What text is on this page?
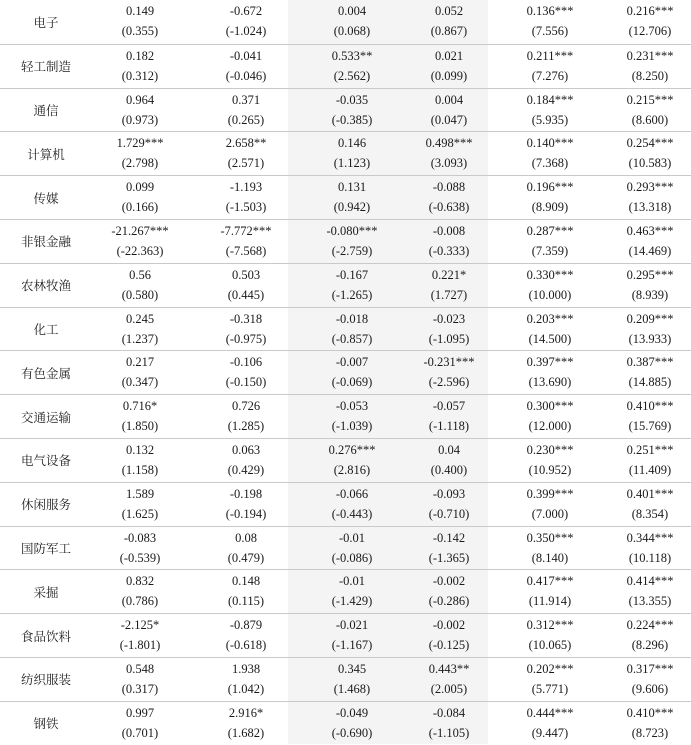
电子
0.149
(0.355)
-0.672
(-1.024)
0.004
(0.068)
0.052
(0.867)
0.136***
(7.556)
0.216***
(12.706)
轻工制造
0.182
(0.312)
-0.041
(-0.046)
0.533**
(2.562)
0.021
(0.099)
0.211***
(7.276)
0.231***
(8.250)
通信
0.964
(0.973)
0.371
(0.265)
-0.035
(-0.385)
0.004
(0.047)
0.184***
(5.935)
0.215***
(8.600)
计算机
1.729***
(2.798)
2.658**
(2.571)
0.146
(1.123)
0.498***
(3.093)
0.140***
(7.368)
0.254***
(10.583)
传媒
0.099
(0.166)
-1.193
(-1.503)
0.131
(0.942)
-0.088
(-0.638)
0.196***
(8.909)
0.293***
(13.318)
非银金融
-21.267***
(-22.363)
-7.772***
(-7.568)
-0.080***
(-2.759)
-0.008
(-0.333)
0.287***
(7.359)
0.463***
(14.469)
农林牧渔
0.56
(0.580)
0.503
(0.445)
-0.167
(-1.265)
0.221*
(1.727)
0.330***
(10.000)
0.295***
(8.939)
化工
0.245
(1.237)
-0.318
(-0.975)
-0.018
(-0.857)
-0.023
(-1.095)
0.203***
(14.500)
0.209***
(13.933)
有色金属
0.217
(0.347)
-0.106
(-0.150)
-0.007
(-0.069)
-0.231***
(-2.596)
0.397***
(13.690)
0.387***
(14.885)
交通运输
0.716*
(1.850)
0.726
(1.285)
-0.053
(-1.039)
-0.057
(-1.118)
0.300***
(12.000)
0.410***
(15.769)
电气设备
0.132
(1.158)
0.063
(0.429)
0.276***
(2.816)
0.04
(0.400)
0.230***
(10.952)
0.251***
(11.409)
休闲服务
1.589
(1.625)
-0.198
(-0.194)
-0.066
(-0.443)
-0.093
(-0.710)
0.399***
(7.000)
0.401***
(8.354)
国防军工
-0.083
(-0.539)
0.08
(0.479)
-0.01
(-0.086)
-0.142
(-1.365)
0.350***
(8.140)
0.344***
(10.118)
采掘
0.832
(0.786)
0.148
(0.115)
-0.01
(-1.429)
-0.002
(-0.286)
0.417***
(11.914)
0.414***
(13.355)
食品饮料
-2.125*
(-1.801)
-0.879
(-0.618)
-0.021
(-1.167)
-0.002
(-0.125)
0.312***
(10.065)
0.224***
(8.296)
纺织服装
0.548
(0.317)
1.938
(1.042)
0.345
(1.468)
0.443**
(2.005)
0.202***
(5.771)
0.317***
(9.606)
钢铁
0.997
(0.701)
2.916*
(1.682)
-0.049
(-0.690)
-0.084
(-1.105)
0.444***
(9.447)
0.410***
(8.723)
